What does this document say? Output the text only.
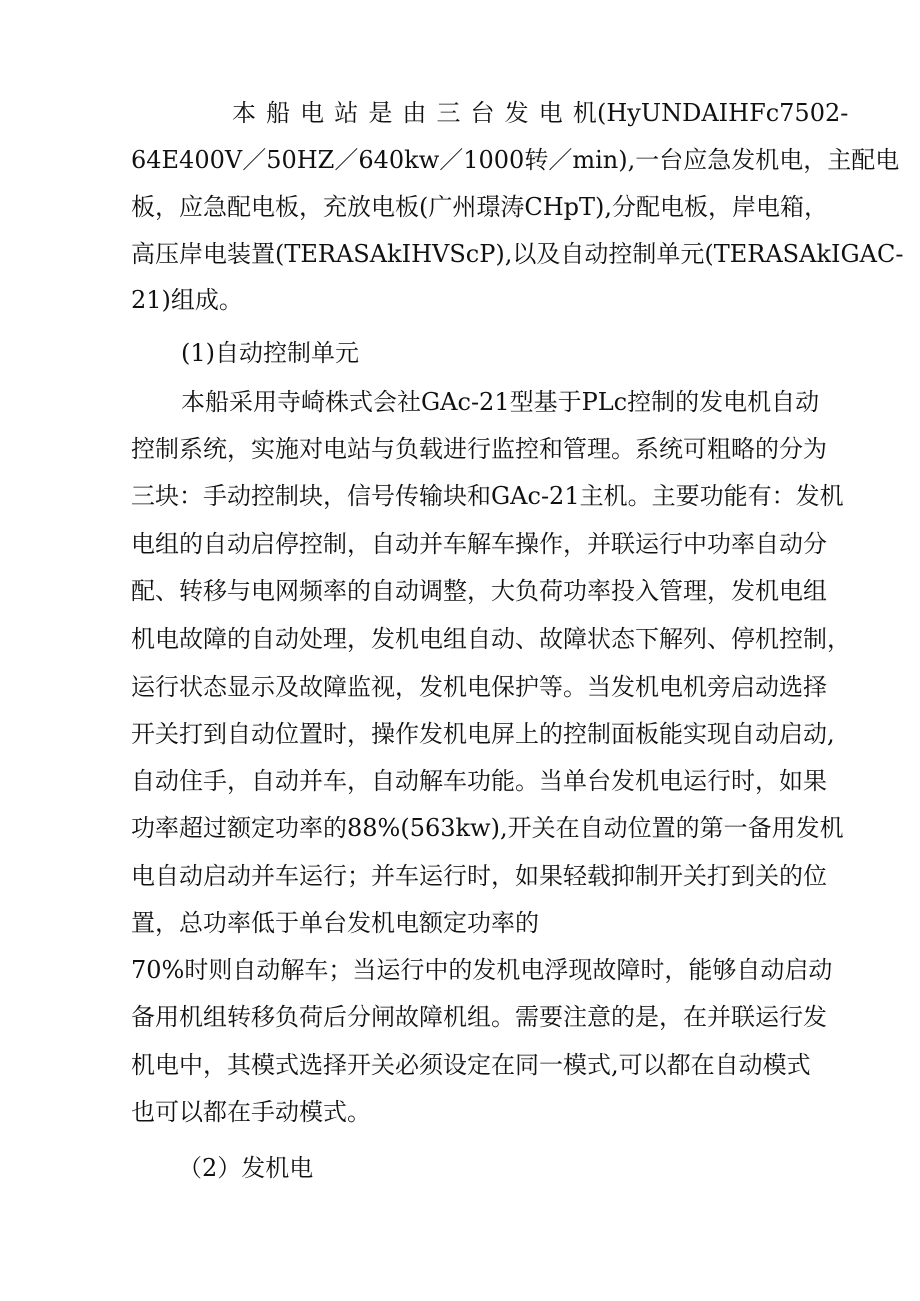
本船电站是由三台发电机
(HyUNDAIHFc7502-
64E400V／50HZ／640kw／1000转／min),一台应急发机电，主配电
板，应急配电板，充放电板(广州璟涛CHpT),分配电板，岸电箱，
高压岸电装置(TERASAkIHVScP),以及自动控制单元(TERASAkIGAC-
21)组成。
(1)自动控制单元
本船采用寺崎株式会社GAc-21型基于PLc控制的发电机自动
控制系统，实施对电站与负载进行监控和管理。系统可粗略的分为
三块：手动控制块，信号传输块和GAc-21主机。主要功能有：发机
电组的自动启停控制，自动并车解车操作，并联运行中功率自动分
配、转移与电网频率的自动调整，大负荷功率投入管理，发机电组
机电故障的自动处理，发机电组自动、故障状态下解列、停机控制，
运行状态显示及故障监视，发机电保护等。当发机电机旁启动选择
开关打到自动位置时，操作发机电屏上的控制面板能实现自动启动,
自动住手，自动并车，自动解车功能。当单台发机电运行时，如果
功率超过额定功率的88%(563kw),开关在自动位置的第一备用发机
电自动启动并车运行；并车运行时，如果轻载抑制开关打到关的位
置，总功率低于单台发机电额定功率的
70%时则自动解车；当运行中的发机电浮现故障时，能够自动启动
备用机组转移负荷后分闸故障机组。需要注意的是，在并联运行发
机电中，其模式选择开关必须设定在同一模式,可以都在自动模式
也可以都在手动模式。
（2）发机电
